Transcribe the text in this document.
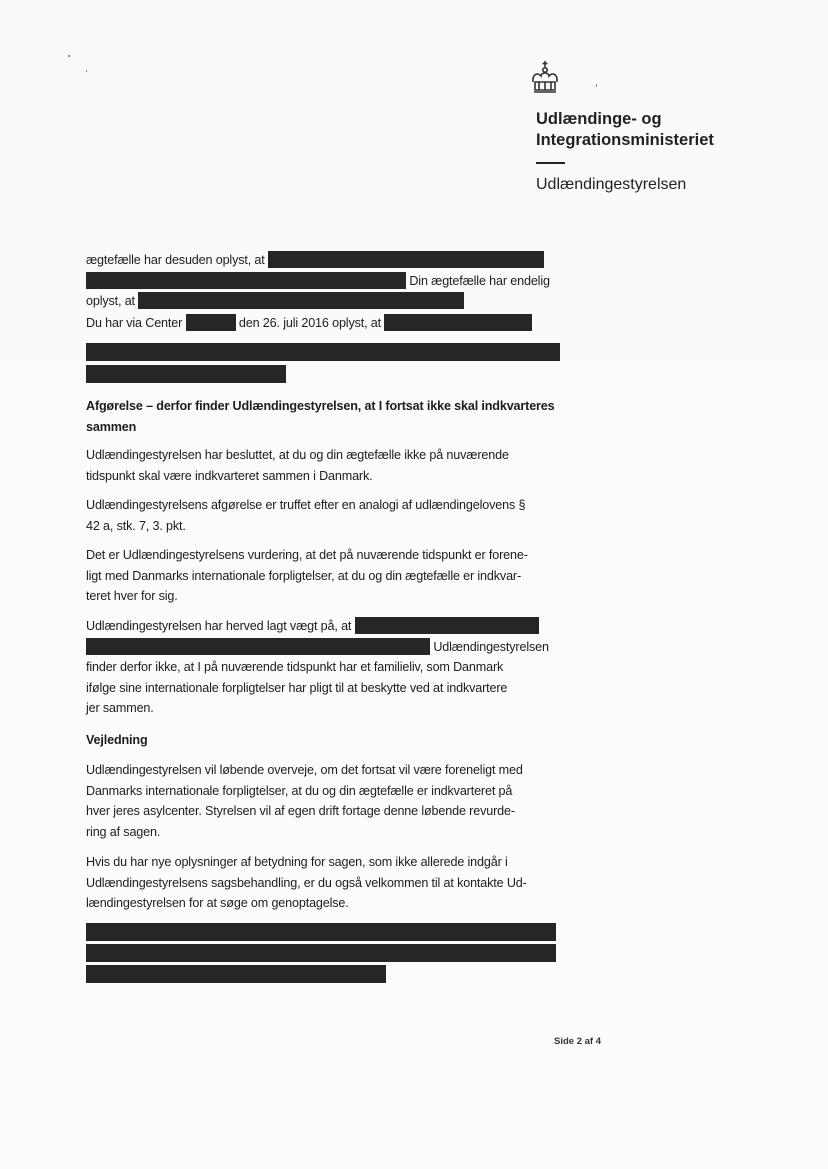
Udlændinge- og
Integrationsministeriet
Udlændingestyrelsen
ægtefælle har desuden oplyst, at
Din ægtefælle har endelig
oplyst, at
Du har via Center	den 26. juli 2016 oplyst, at
Afgørelse – derfor finder Udlændingestyrelsen, at I fortsat ikke skal indkvarteres
sammen
Udlændingestyrelsen har besluttet, at du og din ægtefælle ikke på nuværende
tidspunkt skal være indkvarteret sammen i Danmark.
Udlændingestyrelsens afgørelse er truffet efter en analogi af udlændingelovens §
42 a, stk. 7, 3. pkt.
Det er Udlændingestyrelsens vurdering, at det på nuværende tidspunkt er forene-
ligt med Danmarks internationale forpligtelser, at du og din ægtefælle er indkvar-
teret hver for sig.
Udlændingestyrelsen har herved lagt vægt på, at
Udlændingestyrelsen
finder derfor ikke, at I på nuværende tidspunkt har et familieliv, som Danmark
ifølge sine internationale forpligtelser har pligt til at beskytte ved at indkvartere
jer sammen.
Vejledning
Udlændingestyrelsen vil løbende overveje, om det fortsat vil være foreneligt med
Danmarks internationale forpligtelser, at du og din ægtefælle er indkvarteret på
hver jeres asylcenter. Styrelsen vil af egen drift fortage denne løbende revurde-
ring af sagen.
Hvis du har nye oplysninger af betydning for sagen, som ikke allerede indgår i
Udlændingestyrelsens sagsbehandling, er du også velkommen til at kontakte Ud-
lændingestyrelsen for at søge om genoptagelse.
Side 2 af 4
